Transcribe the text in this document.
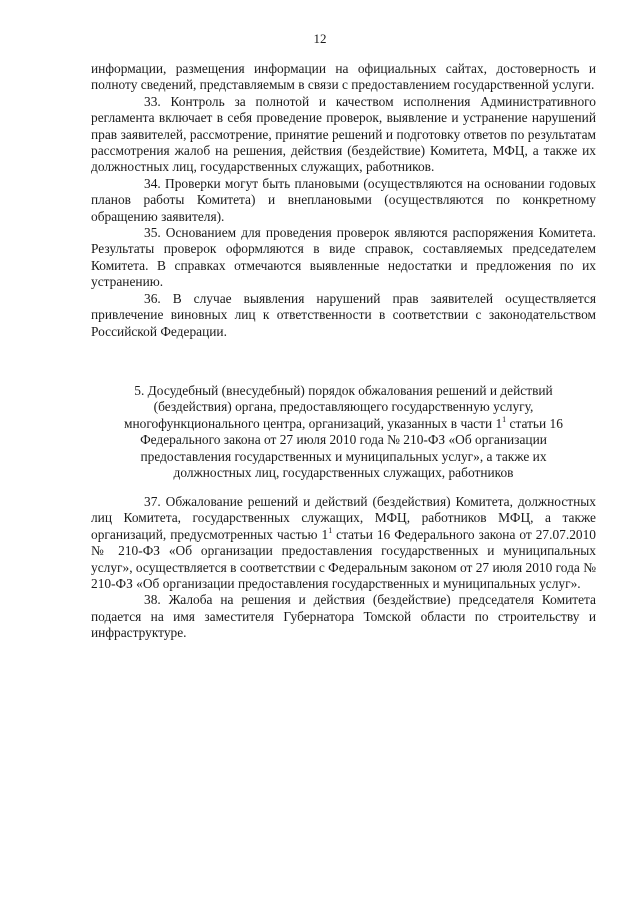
12

информации, размещения информации на официальных сайтах, достоверность и полноту сведений, представляемым в связи с предоставлением государственной услуги.

33. Контроль за полнотой и качеством исполнения Административного регламента включает в себя проведение проверок, выявление и устранение нарушений прав заявителей, рассмотрение, принятие решений и подготовку ответов по результатам рассмотрения жалоб на решения, действия (бездействие) Комитета, МФЦ, а также их должностных лиц, государственных служащих, работников.

34. Проверки могут быть плановыми (осуществляются на основании годовых планов работы Комитета) и внеплановыми (осуществляются по конкретному обращению заявителя).

35. Основанием для проведения проверок являются распоряжения Комитета. Результаты проверок оформляются в виде справок, составляемых председателем Комитета. В справках отмечаются выявленные недостатки и предложения по их устранению.

36. В случае выявления нарушений прав заявителей осуществляется привлечение виновных лиц к ответственности в соответствии с законодательством Российской Федерации.

5. Досудебный (внесудебный) порядок обжалования решений и действий
(бездействия) органа, предоставляющего государственную услугу,
многофункционального центра, организаций, указанных в части $1^1$ статьи 16
Федерального закона от 27 июля 2010 года № 210-ФЗ «Об организации
предоставления государственных и муниципальных услуг», а также их
должностных лиц, государственных служащих, работников

37. Обжалование решений и действий (бездействия) Комитета, должностных лиц Комитета, государственных служащих, МФЦ, работников МФЦ, а также организаций, предусмотренных частью $1^1$ статьи 16 Федерального закона от 27.07.2010 № 210-ФЗ «Об организации предоставления государственных и муниципальных услуг», осуществляется в соответствии с Федеральным законом от 27 июля 2010 года № 210-ФЗ «Об организации предоставления государственных и муниципальных услуг».

38. Жалоба на решения и действия (бездействие) председателя Комитета подается на имя заместителя Губернатора Томской области по строительству и инфраструктуре.
